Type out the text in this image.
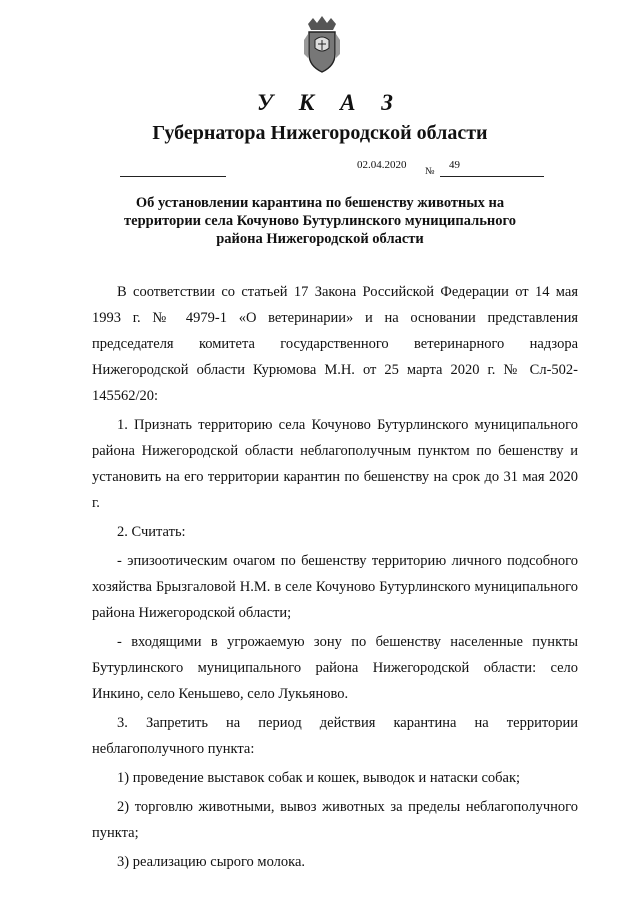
У К А З
Губернатора Нижегородской области
02.04.2020
№
49
Об установлении карантина по бешенству животных на
территории села Кочуново Бутурлинского муниципального
района Нижегородской области

В соответствии со статьей 17 Закона Российской Федерации от 14 мая 1993 г. № 4979-1 «О ветеринарии» и на основании представления председателя комитета государственного ветеринарного надзора Нижегородской области Курюмова М.Н. от 25 марта 2020 г. № Сл-502-145562/20:

1. Признать территорию села Кочуново Бутурлинского муниципального района Нижегородской области неблагополучным пунктом по бешенству и установить на его территории карантин по бешенству на срок до 31 мая 2020 г.

2. Считать:

- эпизоотическим очагом по бешенству территорию личного подсобного хозяйства Брызгаловой Н.М. в селе Кочуново Бутурлинского муниципального района Нижегородской области;

- входящими в угрожаемую зону по бешенству населенные пункты Бутурлинского муниципального района Нижегородской области: село Инкино, село Кеньшево, село Лукьяново.

3. Запретить на период действия карантина на территории неблагополучного пункта:

1) проведение выставок собак и кошек, выводок и натаски собак;

2) торговлю животными, вывоз животных за пределы неблагополучного пункта;

3) реализацию сырого молока.
